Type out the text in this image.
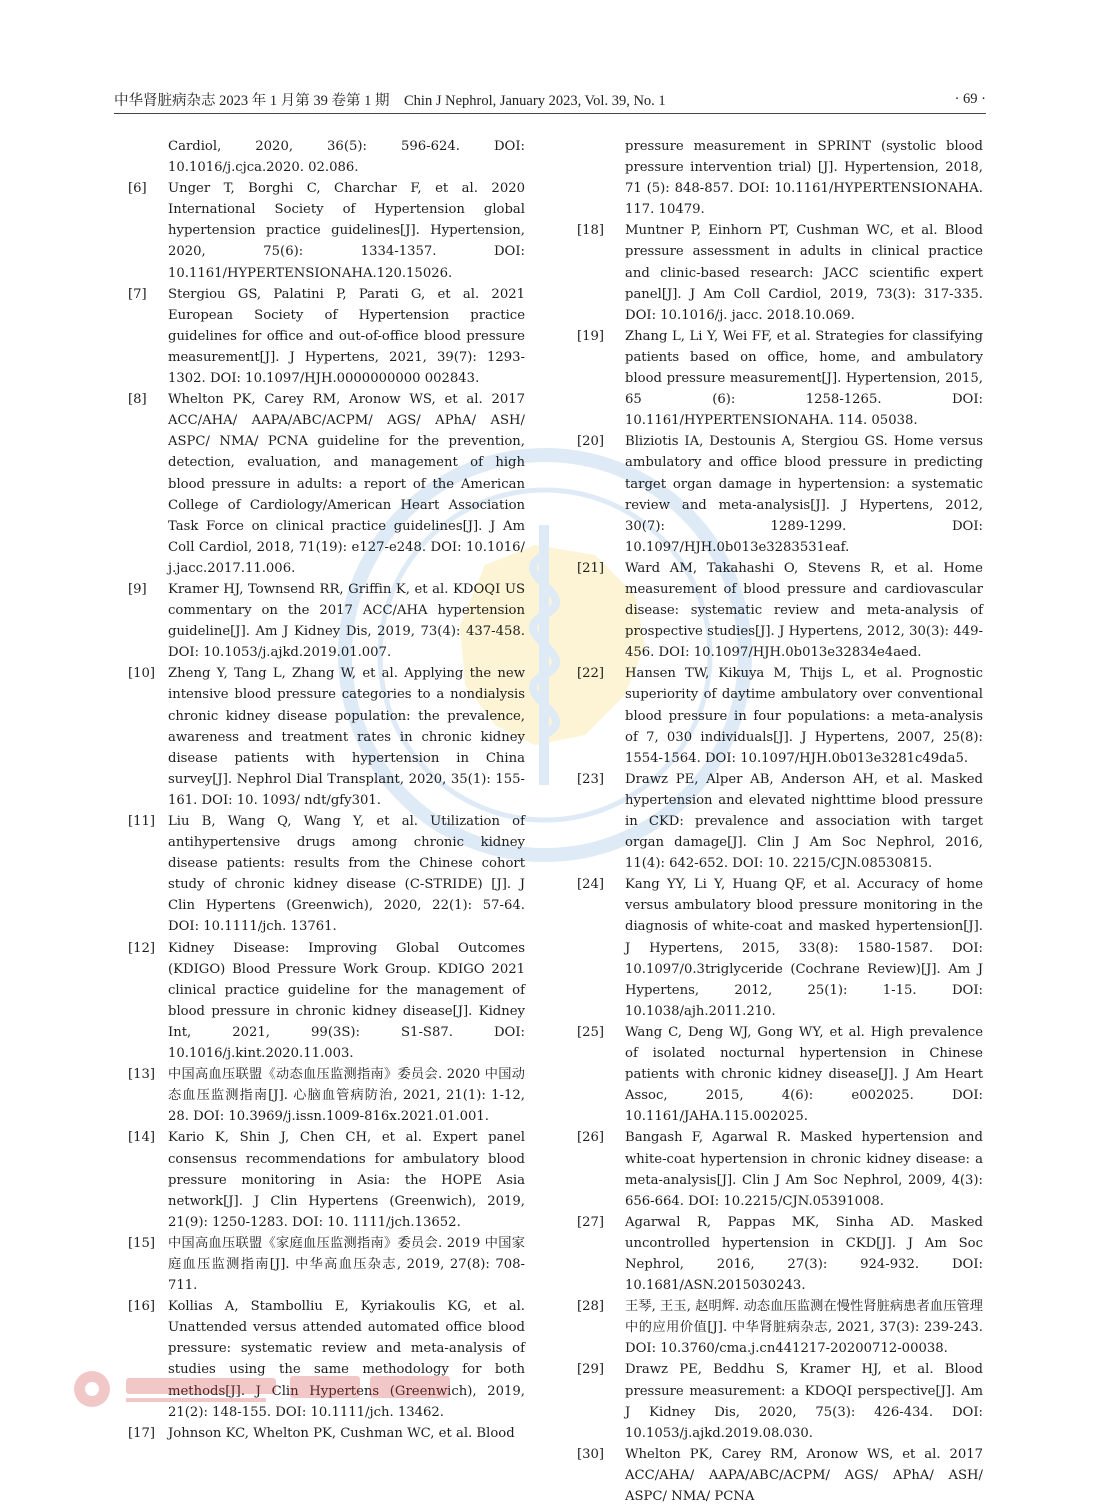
中华肾脏病杂志 2023 年 1 月第 39 卷第 1 期　Chin J Nephrol, January 2023, Vol. 39, No. 1	· 69 ·
Cardiol, 2020, 36(5): 596-624. DOI: 10.1016/j.cjca.2020. 02.086.
[6]	Unger T, Borghi C, Charchar F, et al. 2020 International Society of Hypertension global hypertension practice guidelines[J]. Hypertension, 2020, 75(6): 1334-1357. DOI: 10.1161/HYPERTENSIONAHA.120.15026.
[7]	Stergiou GS, Palatini P, Parati G, et al. 2021 European Society of Hypertension practice guidelines for office and out-of-office blood pressure measurement[J]. J Hypertens, 2021, 39(7): 1293-1302. DOI: 10.1097/HJH.0000000000 002843.
[8]	Whelton PK, Carey RM, Aronow WS, et al. 2017 ACC/AHA/ AAPA/ABC/ACPM/ AGS/ APhA/ ASH/ ASPC/ NMA/ PCNA guideline for the prevention, detection, evaluation, and management of high blood pressure in adults: a report of the American College of Cardiology/American Heart Association Task Force on clinical practice guidelines[J]. J Am Coll Cardiol, 2018, 71(19): e127-e248. DOI: 10.1016/ j.jacc.2017.11.006.
[9]	Kramer HJ, Townsend RR, Griffin K, et al. KDOQI US commentary on the 2017 ACC/AHA hypertension guideline[J]. Am J Kidney Dis, 2019, 73(4): 437-458. DOI: 10.1053/j.ajkd.2019.01.007.
[10] Zheng Y, Tang L, Zhang W, et al. Applying the new intensive blood pressure categories to a nondialysis chronic kidney disease population: the prevalence, awareness and treatment rates in chronic kidney disease patients with hypertension in China survey[J]. Nephrol Dial Transplant, 2020, 35(1): 155-161. DOI: 10. 1093/ ndt/gfy301.
[11] Liu B, Wang Q, Wang Y, et al. Utilization of antihypertensive drugs among chronic kidney disease patients: results from the Chinese cohort study of chronic kidney disease (C-STRIDE) [J]. J Clin Hypertens (Greenwich), 2020, 22(1): 57-64. DOI: 10.1111/jch. 13761.
[12] Kidney Disease: Improving Global Outcomes (KDIGO) Blood Pressure Work Group. KDIGO 2021 clinical practice guideline for the management of blood pressure in chronic kidney disease[J]. Kidney Int, 2021, 99(3S): S1-S87. DOI: 10.1016/j.kint.2020.11.003.
[13] 中国高血压联盟《动态血压监测指南》委员会. 2020 中国动态血压监测指南[J]. 心脑血管病防治, 2021, 21(1): 1-12, 28. DOI: 10.3969/j.issn.1009-816x.2021.01.001.
[14] Kario K, Shin J, Chen CH, et al. Expert panel consensus recommendations for ambulatory blood pressure monitoring in Asia: the HOPE Asia network[J]. J Clin Hypertens (Greenwich), 2019, 21(9): 1250-1283. DOI: 10. 1111/jch.13652.
[15] 中国高血压联盟《家庭血压监测指南》委员会. 2019 中国家庭血压监测指南[J]. 中华高血压杂志, 2019, 27(8): 708-711.
[16] Kollias A, Stambolliu E, Kyriakoulis KG, et al. Unattended versus attended automated office blood pressure: systematic review and meta-analysis of studies using the same methodology for both methods[J]. J Clin Hypertens (Greenwich), 2019, 21(2): 148-155. DOI: 10.1111/jch. 13462.
[17] Johnson KC, Whelton PK, Cushman WC, et al. Blood
pressure measurement in SPRINT (systolic blood pressure intervention trial) [J]. Hypertension, 2018, 71 (5): 848-857. DOI: 10.1161/HYPERTENSIONAHA. 117. 10479.
[18]	Muntner P, Einhorn PT, Cushman WC, et al. Blood pressure assessment in adults in clinical practice and clinic-based research: JACC scientific expert panel[J]. J Am Coll Cardiol, 2019, 73(3): 317-335. DOI: 10.1016/j. jacc. 2018.10.069.
[19]	Zhang L, Li Y, Wei FF, et al. Strategies for classifying patients based on office, home, and ambulatory blood pressure measurement[J]. Hypertension, 2015, 65 (6): 1258-1265. DOI: 10.1161/HYPERTENSIONAHA. 114. 05038.
[20]	Bliziotis IA, Destounis A, Stergiou GS. Home versus ambulatory and office blood pressure in predicting target organ damage in hypertension: a systematic review and meta-analysis[J]. J Hypertens, 2012, 30(7): 1289-1299. DOI: 10.1097/HJH.0b013e3283531eaf.
[21]	Ward AM, Takahashi O, Stevens R, et al. Home measurement of blood pressure and cardiovascular disease: systematic review and meta-analysis of prospective studies[J]. J Hypertens, 2012, 30(3): 449-456. DOI: 10.1097/HJH.0b013e32834e4aed.
[22]	Hansen TW, Kikuya M, Thijs L, et al. Prognostic superiority of daytime ambulatory over conventional blood pressure in four populations: a meta-analysis of 7, 030 individuals[J]. J Hypertens, 2007, 25(8): 1554-1564. DOI: 10.1097/HJH.0b013e3281c49da5.
[23]	Drawz PE, Alper AB, Anderson AH, et al. Masked hypertension and elevated nighttime blood pressure in CKD: prevalence and association with target organ damage[J]. Clin J Am Soc Nephrol, 2016, 11(4): 642-652. DOI: 10. 2215/CJN.08530815.
[24]	Kang YY, Li Y, Huang QF, et al. Accuracy of home versus ambulatory blood pressure monitoring in the diagnosis of white-coat and masked hypertension[J]. J Hypertens, 2015, 33(8): 1580-1587. DOI: 10.1097/0.3triglyceride (Cochrane Review)[J]. Am J Hypertens, 2012, 25(1): 1-15. DOI: 10.1038/ajh.2011.210.
[25]	Wang C, Deng WJ, Gong WY, et al. High prevalence of isolated nocturnal hypertension in Chinese patients with chronic kidney disease[J]. J Am Heart Assoc, 2015, 4(6): e002025. DOI: 10.1161/JAHA.115.002025.
[26]	Bangash F, Agarwal R. Masked hypertension and white-coat hypertension in chronic kidney disease: a meta-analysis[J]. Clin J Am Soc Nephrol, 2009, 4(3): 656-664. DOI: 10.2215/CJN.05391008.
[27]	Agarwal R, Pappas MK, Sinha AD. Masked uncontrolled hypertension in CKD[J]. J Am Soc Nephrol, 2016, 27(3): 924-932. DOI: 10.1681/ASN.2015030243.
[28]	王琴, 王玉, 赵明辉. 动态血压监测在慢性肾脏病患者血压管理中的应用价值[J]. 中华肾脏病杂志, 2021, 37(3): 239-243. DOI: 10.3760/cma.j.cn441217-20200712-00038.
[29]	Drawz PE, Beddhu S, Kramer HJ, et al. Blood pressure measurement: a KDOQI perspective[J]. Am J Kidney Dis, 2020, 75(3): 426-434. DOI: 10.1053/j.ajkd.2019.08.030.
[30]	Whelton PK, Carey RM, Aronow WS, et al. 2017 ACC/AHA/ AAPA/ABC/ACPM/ AGS/ APhA/ ASH/ ASPC/ NMA/ PCNA
